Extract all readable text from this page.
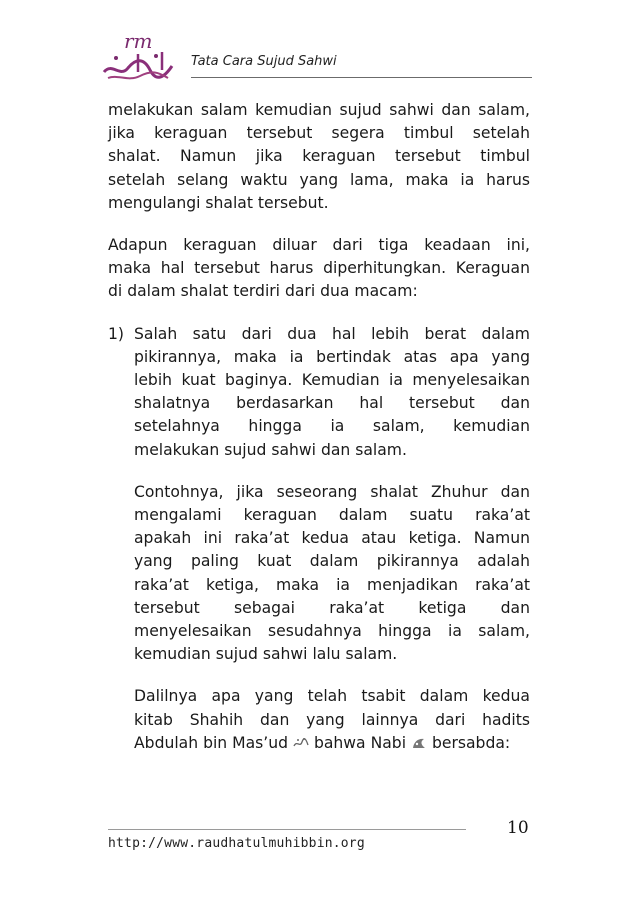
rm
Tata Cara Sujud Sahwi
melakukan salam kemudian sujud sahwi dan salam,
jika keraguan tersebut segera timbul setelah
shalat. Namun jika keraguan tersebut timbul
setelah selang waktu yang lama, maka ia harus
mengulangi shalat tersebut.
Adapun keraguan diluar dari tiga keadaan ini,
maka hal tersebut harus diperhitungkan. Keraguan
di dalam shalat terdiri dari dua macam:
1) Salah satu dari dua hal lebih berat dalam
pikirannya, maka ia bertindak atas apa yang
lebih kuat baginya. Kemudian ia menyelesaikan
shalatnya berdasarkan hal tersebut dan
setelahnya hingga ia salam, kemudian
melakukan sujud sahwi dan salam.
Contohnya, jika seseorang shalat Zhuhur dan
mengalami keraguan dalam suatu raka’at
apakah ini raka’at kedua atau ketiga. Namun
yang paling kuat dalam pikirannya adalah
raka’at ketiga, maka ia menjadikan raka’at
tersebut sebagai raka’at ketiga dan
menyelesaikan sesudahnya hingga ia salam,
kemudian sujud sahwi lalu salam.
Dalilnya apa yang telah tsabit dalam kedua
kitab Shahih dan yang lainnya dari hadits
Abdulah bin Mas’ud bahwa Nabi bersabda:
10
http://www.raudhatulmuhibbin.org
